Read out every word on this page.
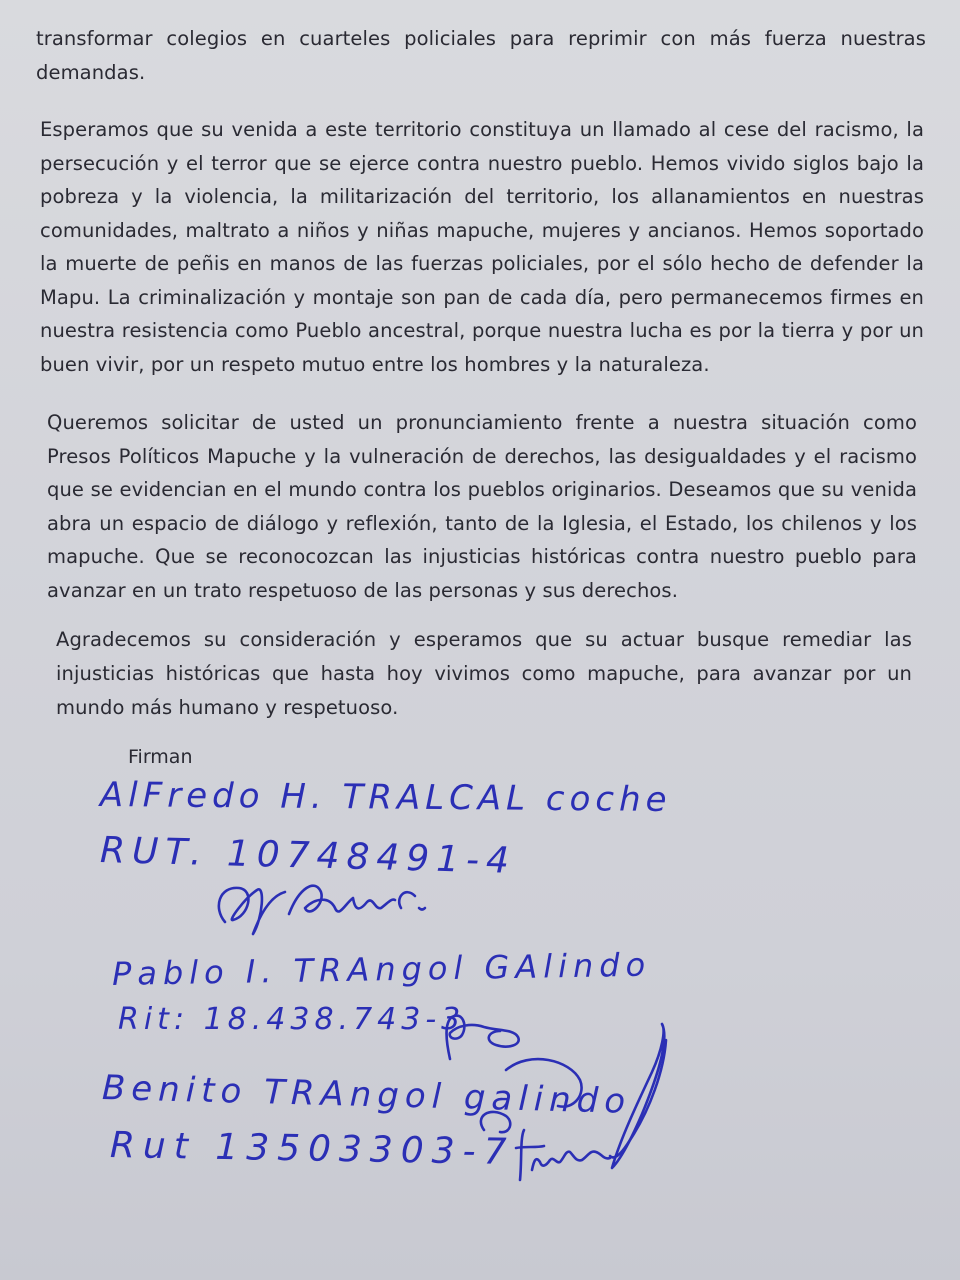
transformar colegios en cuarteles policiales para reprimir con más fuerza nuestras demandas.

Esperamos que su venida a este territorio constituya un llamado al cese del racismo, la persecución y el terror que se ejerce contra nuestro pueblo. Hemos vivido siglos bajo la pobreza y la violencia, la militarización del territorio, los allanamientos en nuestras comunidades, maltrato a niños y niñas mapuche, mujeres y ancianos. Hemos soportado la muerte de peñis en manos de las fuerzas policiales, por el sólo hecho de defender la Mapu. La criminalización y montaje son pan de cada día, pero permanecemos firmes en nuestra resistencia como Pueblo ancestral, porque nuestra lucha es por la tierra y por un buen vivir, por un respeto mutuo entre los hombres y la naturaleza.

Queremos solicitar de usted un pronunciamiento frente a nuestra situación como Presos Políticos Mapuche y la vulneración de derechos, las desigualdades y el racismo que se evidencian en el mundo contra los pueblos originarios. Deseamos que su venida abra un espacio de diálogo y reflexión, tanto de la Iglesia, el Estado, los chilenos y los mapuche. Que se reconocozcan las injusticias históricas contra nuestro pueblo para avanzar en un trato respetuoso de las personas y sus derechos.

Agradecemos su consideración y esperamos que su actuar busque remediar las injusticias históricas que hasta hoy vivimos como mapuche, para avanzar por un mundo más humano y respetuoso.

Firman
AlFredo H. TRALCAL coche
RUT. 10748491-4
Pablo I. TRAngol GAlindo
Rit: 18.438.743-3
Benito TRAngol galindo
Rut 13503303-7
